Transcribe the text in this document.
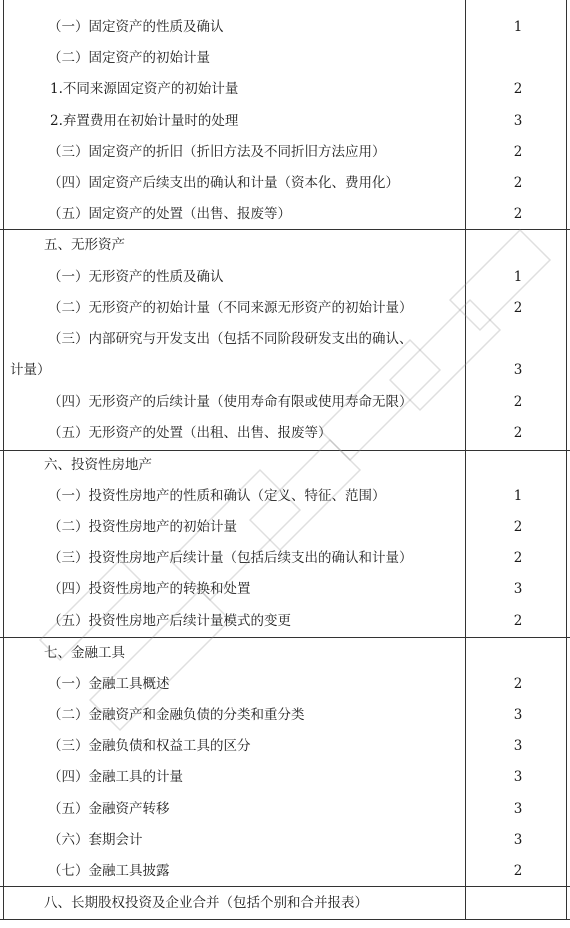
（一）固定资产的性质及确认
（二）固定资产的初始计量
1.不同来源固定资产的初始计量
2.弃置费用在初始计量时的处理
（三）固定资产的折旧（折旧方法及不同折旧方法应用）
（四）固定资产后续支出的确认和计量（资本化、费用化）
（五）固定资产的处置（出售、报废等）
五、无形资产
（一）无形资产的性质及确认
（二）无形资产的初始计量（不同来源无形资产的初始计量）
（三）内部研究与开发支出（包括不同阶段研发支出的确认、
计量）
（四）无形资产的后续计量（使用寿命有限或使用寿命无限）
（五）无形资产的处置（出租、出售、报废等）
六、投资性房地产
（一）投资性房地产的性质和确认（定义、特征、范围）
（二）投资性房地产的初始计量
（三）投资性房地产后续计量（包括后续支出的确认和计量）
（四）投资性房地产的转换和处置
（五）投资性房地产后续计量模式的变更
七、金融工具
（一）金融工具概述
（二）金融资产和金融负债的分类和重分类
（三）金融负债和权益工具的区分
（四）金融工具的计量
（五）金融资产转移
（六）套期会计
（七）金融工具披露
八、长期股权投资及企业合并（包括个别和合并报表）
1
2
3
2
2
2
1
2
3
2
2
1
2
2
3
2
2
3
3
3
3
3
2
